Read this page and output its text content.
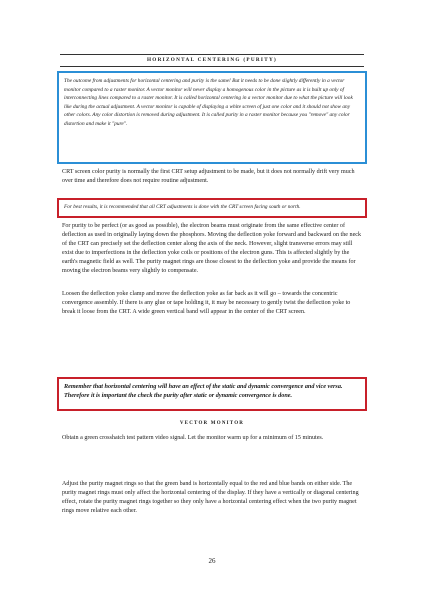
HORIZONTAL CENTERING (PURITY)

The outcome from adjustments for horizontal centering and purity is the same! But it needs to be done slightly differently in a vector monitor compared to a raster monitor. A vector monitor will never display a homogenous color in the picture as it is built up only of interconnecting lines compared to a raster monitor. It is called horizontal centering in a vector monitor due to what the picture will look like during the actual adjustment. A vector monitor is capable of displaying a white screen of just one color and it should not show any other colors. Any color distortion is removed during adjustment. It is called purity in a raster monitor because you "remove" any color distortion and make it "pure".

CRT screen color purity is normally the first CRT setup adjustment to be made, but it does not normally drift very much over time and therefore does not require routine adjustment.

For best results, it is recommended that all CRT adjustments is done with the CRT screen facing south or north.

For purity to be perfect (or as good as possible), the electron beams must originate from the same effective center of deflection as used in originally laying down the phosphors. Moving the deflection yoke forward and backward on the neck of the CRT can precisely set the deflection center along the axis of the neck. However, slight transverse errors may still exist due to imperfections in the deflection yoke coils or positions of the electron guns. This is affected slightly by the earth's magnetic field as well. The purity magnet rings are those closest to the deflection yoke and provide the means for moving the electron beams very slightly to compensate.

Remember that horizontal centering will have an effect of the static and dynamic convergence and vice versa. Therefore it is important the check the purity after static or dynamic convergence is done.

VECTOR MONITOR

Obtain a green crosshatch test pattern video signal. Let the monitor warm up for a minimum of 15 minutes.

Loosen the deflection yoke clamp and move the deflection yoke as far back as it will go – towards the concentric convergence assembly. If there is any glue or tape holding it, it may be necessary to gently twist the deflection yoke to break it loose from the CRT. A wide green vertical band will appear in the center of the CRT screen.

Adjust the purity magnet rings so that the green band is horizontally equal to the red and blue bands on either side. The purity magnet rings must only affect the horizontal centering of the display. If they have a vertically or diagonal centering effect, rotate the purity magnet rings together so they only have a horizontal centering effect when the two purity magnet rings move relative each other.

26
